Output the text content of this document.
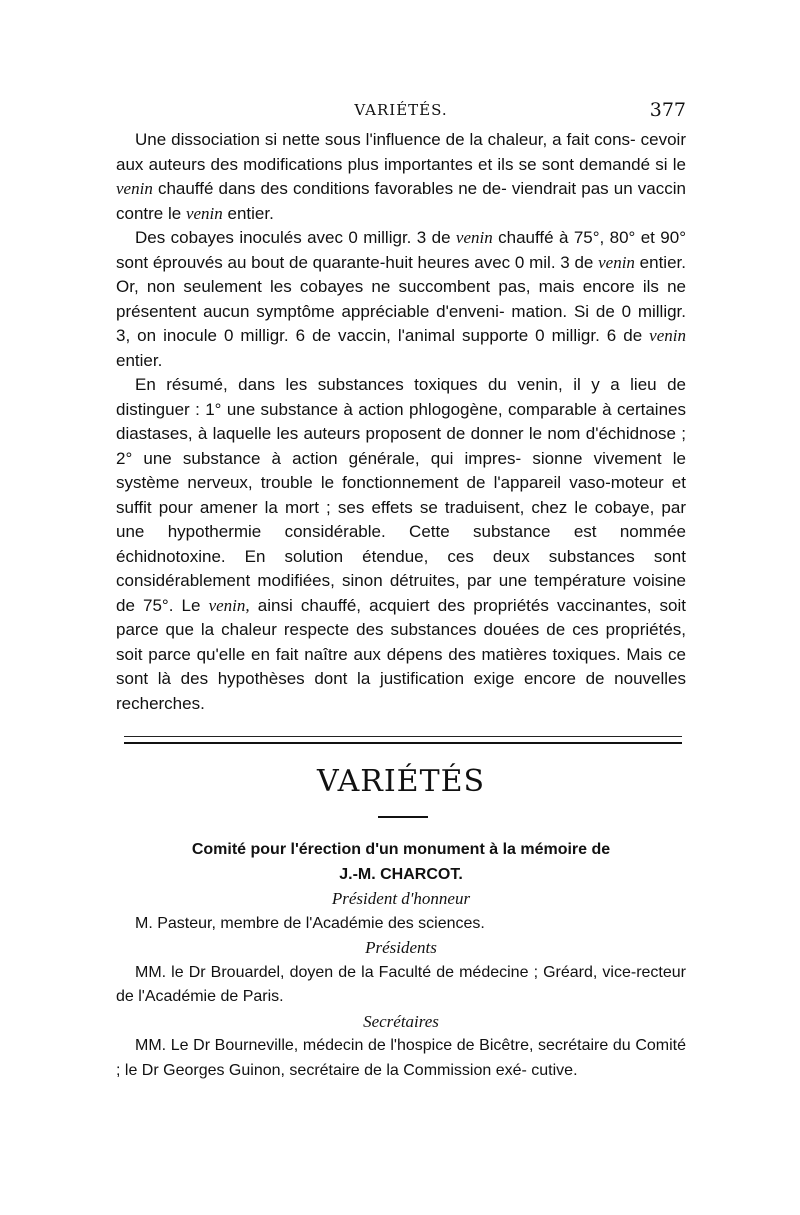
VARIÉTÉS.	377

Une dissociation si nette sous l'influence de la chaleur, a fait cons- cevoir aux auteurs des modifications plus importantes et ils se sont demandé si le venin chauffé dans des conditions favorables ne de- viendrait pas un vaccin contre le venin entier.

Des cobayes inoculés avec 0 milligr. 3 de venin chauffé à 75°, 80° et 90° sont éprouvés au bout de quarante-huit heures avec 0 mil. 3 de venin entier. Or, non seulement les cobayes ne succombent pas, mais encore ils ne présentent aucun symptôme appréciable d'enveni- mation. Si de 0 milligr. 3, on inocule 0 milligr. 6 de vaccin, l'animal supporte 0 milligr. 6 de venin entier.

En résumé, dans les substances toxiques du venin, il y a lieu de distinguer : 1° une substance à action phlogogène, comparable à certaines diastases, à laquelle les auteurs proposent de donner le nom d'échidnose ; 2° une substance à action générale, qui impres- sionne vivement le système nerveux, trouble le fonctionnement de l'appareil vaso-moteur et suffit pour amener la mort ; ses effets se traduisent, chez le cobaye, par une hypothermie considérable. Cette substance est nommée échidnotoxine. En solution étendue, ces deux substances sont considérablement modifiées, sinon détruites, par une température voisine de 75°. Le venin, ainsi chauffé, acquiert des propriétés vaccinantes, soit parce que la chaleur respecte des substances douées de ces propriétés, soit parce qu'elle en fait naître aux dépens des matières toxiques. Mais ce sont là des hypothèses dont la justification exige encore de nouvelles recherches.

VARIÉTÉS

Comité pour l'érection d'un monument à la mémoire de

J.-M. CHARCOT.

Président d'honneur

M. Pasteur, membre de l'Académie des sciences.

Présidents

MM. le Dr Brouardel, doyen de la Faculté de médecine ; Gréard, vice-recteur de l'Académie de Paris.

Secrétaires

MM. Le Dr Bourneville, médecin de l'hospice de Bicêtre, secrétaire du Comité ; le Dr Georges Guinon, secrétaire de la Commission exé- cutive.
